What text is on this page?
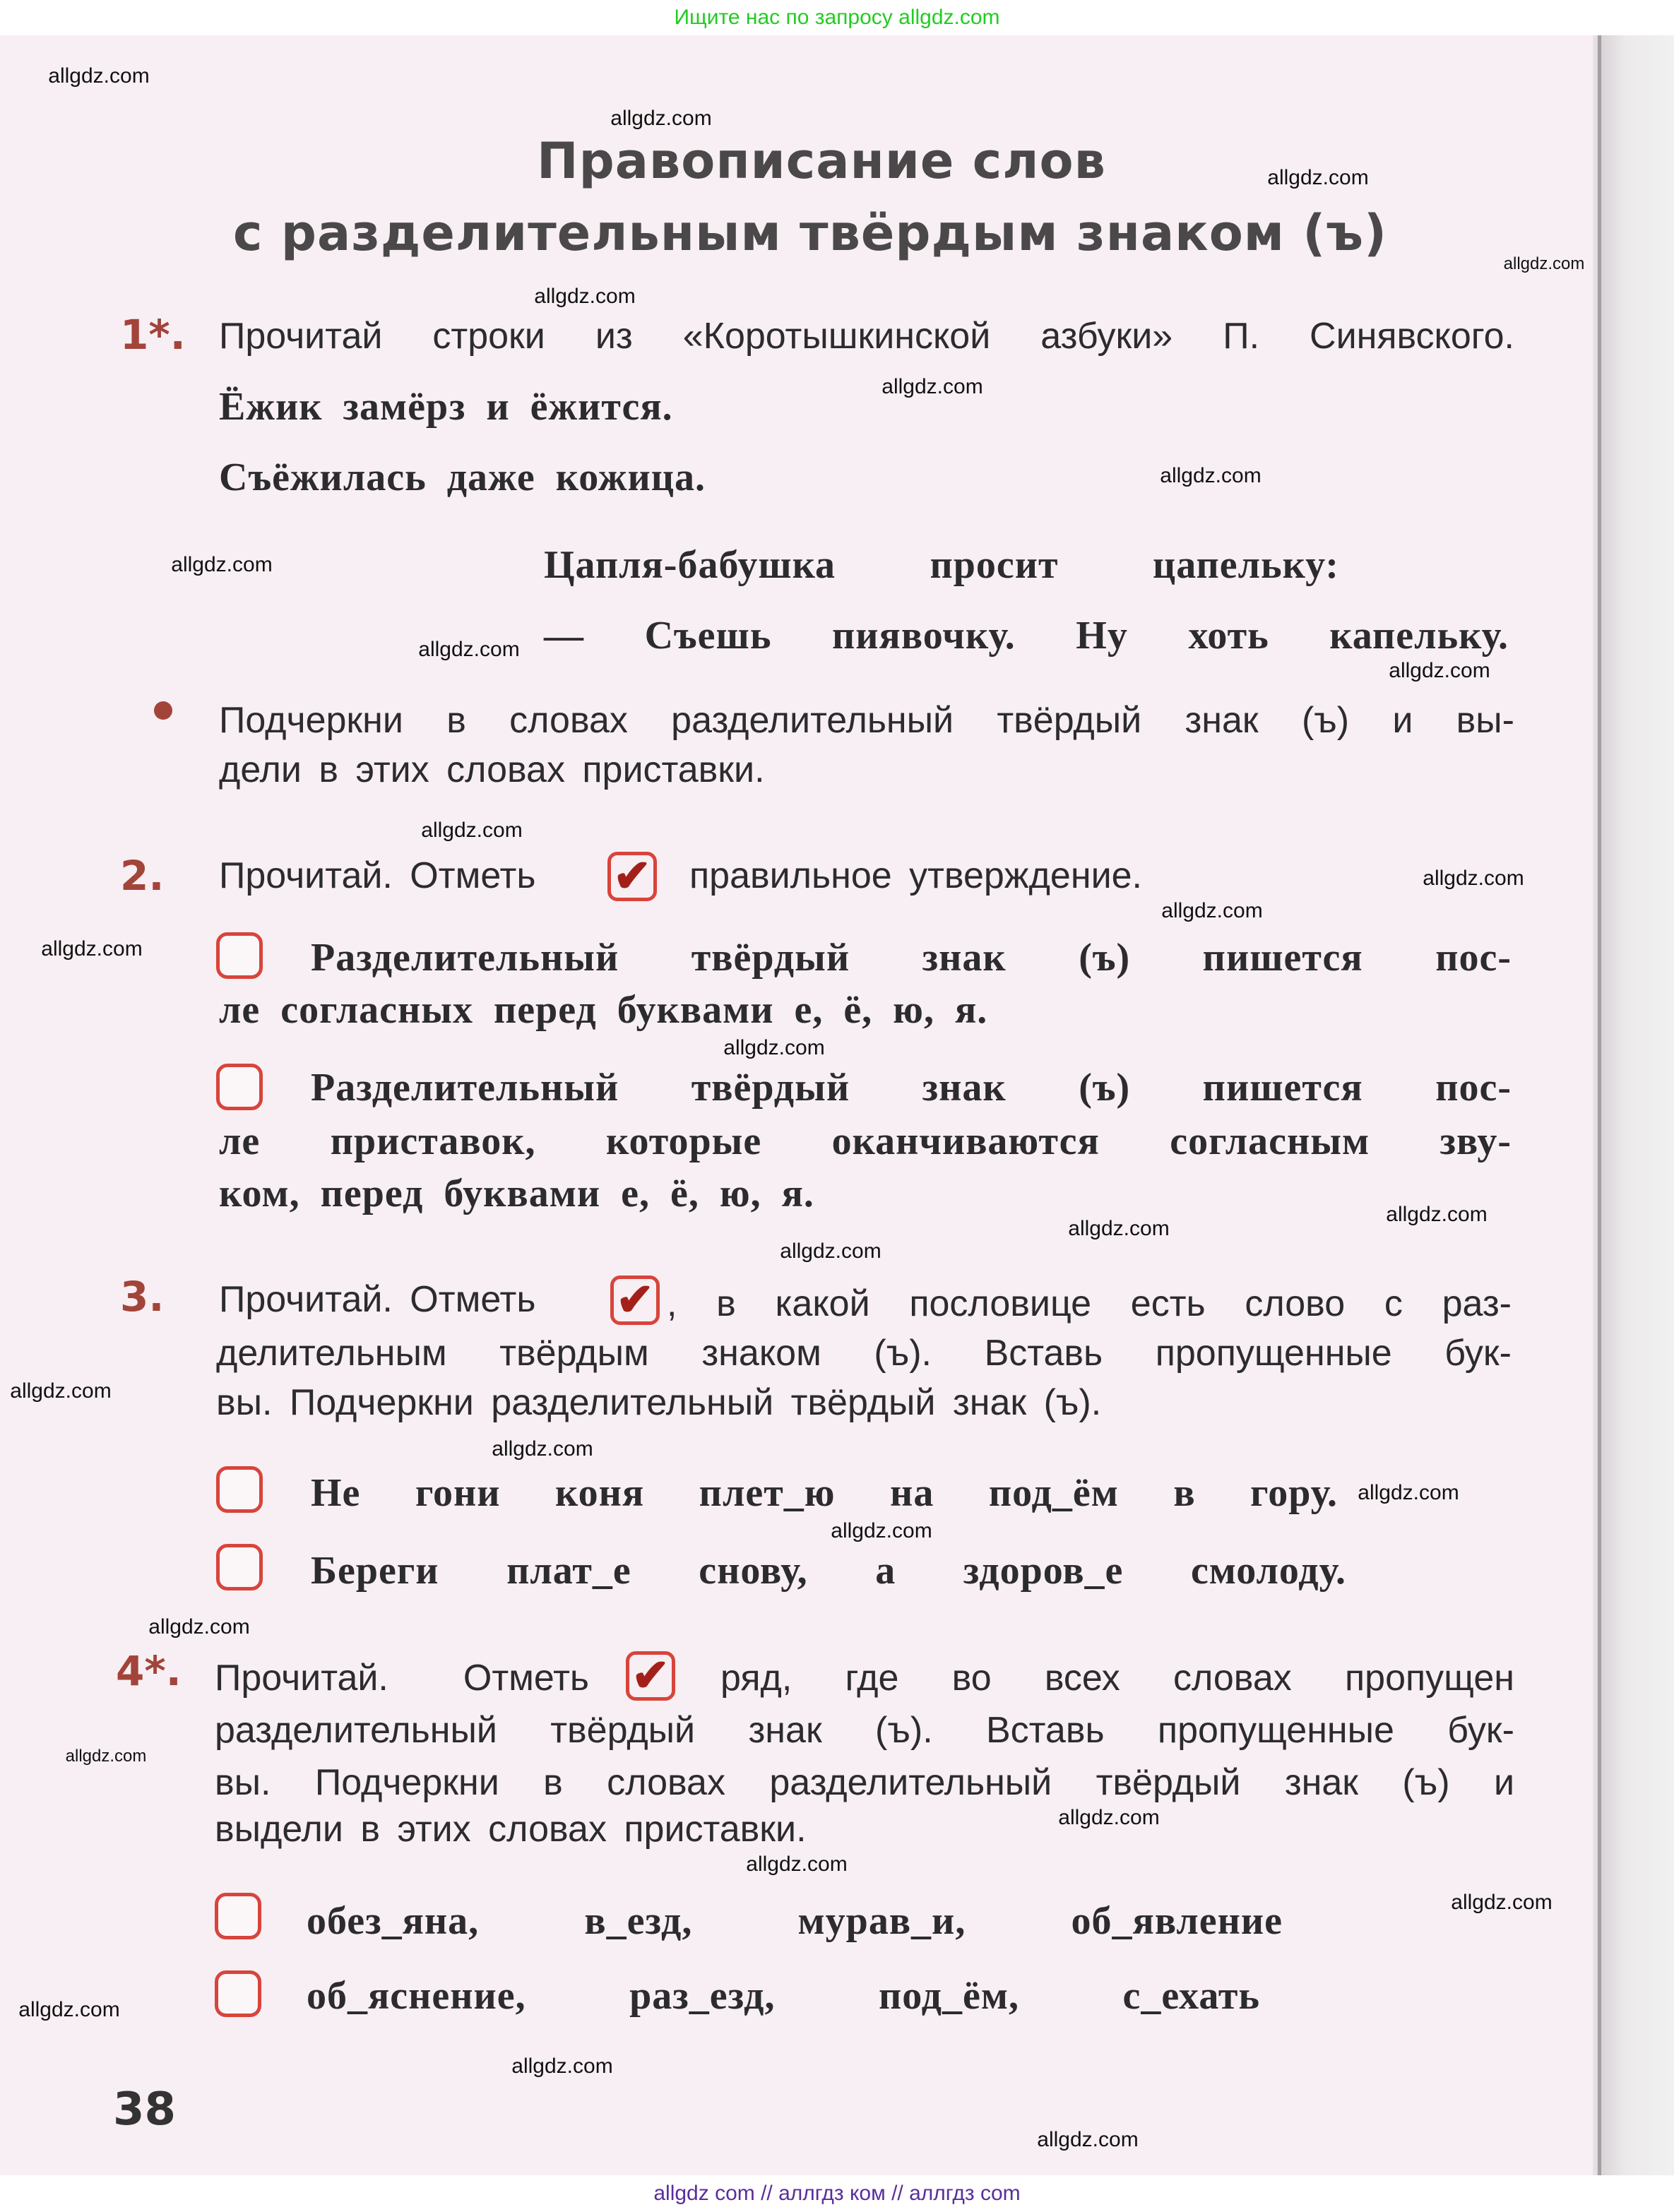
Ищите нас по запросу allgdz.com
Правописание слов
с разделительным твёрдым знаком (ъ)
1*. Прочитай строки из «Коротышкинской азбуки» П. Синявского.
Ёжик замёрз и ёжится.
Съёжилась даже кожица.
Цапля-бабушка просит цапельку:
— Съешь пиявочку. Ну хоть капельку.
Подчеркни в словах разделительный твёрдый знак (ъ) и вы-
дели в этих словах приставки.
2. Прочитай. Отметь ✔ правильное утверждение.
Разделительный твёрдый знак (ъ) пишется пос-
ле согласных перед буквами е, ё, ю, я.
Разделительный твёрдый знак (ъ) пишется пос-
ле приставок, которые оканчиваются согласным зву-
ком, перед буквами е, ё, ю, я.
3. Прочитай. Отметь ✔ , в какой пословице есть слово с раз-
делительным твёрдым знаком (ъ). Вставь пропущенные бук-
вы. Подчеркни разделительный твёрдый знак (ъ).
Не гони коня плет_ю на под_ём в гору.
Береги плат_е снову, а здоров_е смолоду.
4*. Прочитай. Отметь ✔ ряд, где во всех словах пропущен
разделительный твёрдый знак (ъ). Вставь пропущенные бук-
вы. Подчеркни в словах разделительный твёрдый знак (ъ) и
выдели в этих словах приставки.
обез_яна, в_езд, мурав_и, об_явление
об_яснение, раз_езд, под_ём, с_ехать
38
allgdz.com
allgdz.com
allgdz.com
allgdz.com
allgdz.com
allgdz.com
allgdz.com
allgdz.com
allgdz.com
allgdz.com
allgdz.com
allgdz.com
allgdz.com
allgdz.com
allgdz.com
allgdz.com
allgdz.com
allgdz.com
allgdz.com
allgdz.com
allgdz.com
allgdz.com
allgdz.com
allgdz.com
allgdz.com
allgdz.com
allgdz.com
allgdz.com
allgdz.com
allgdz.com
allgdz com // аллгдз ком // аллгдз com
